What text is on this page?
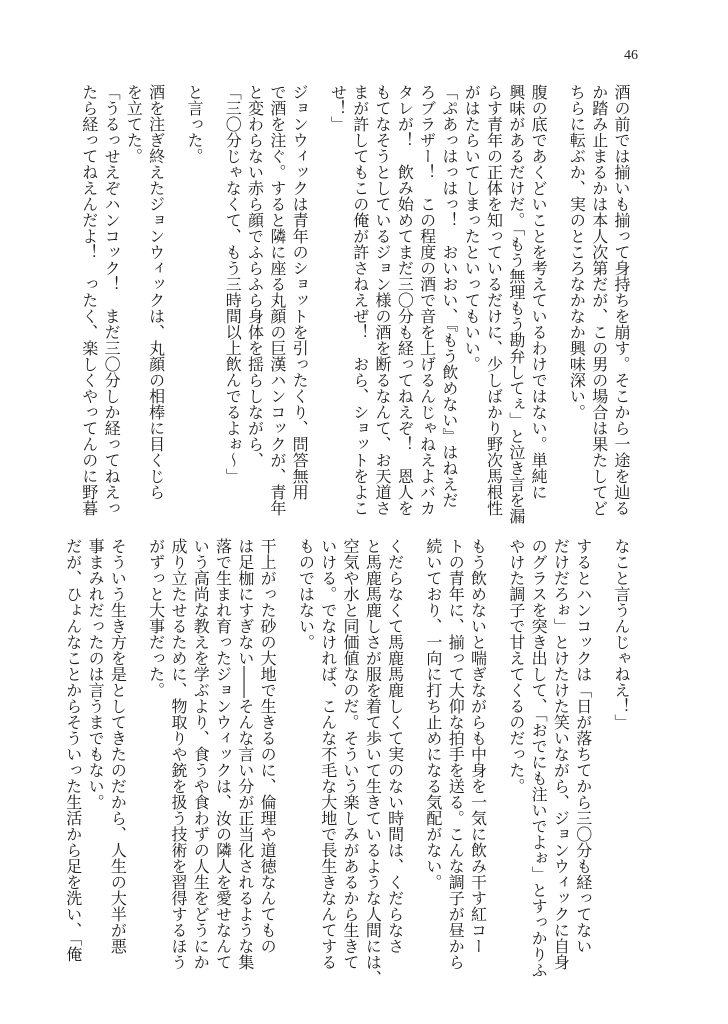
46
酒の前では揃いも揃って身持ちを崩す。そこから一途を辿る
か踏み止まるかは本人次第だが、この男の場合は果たしてど
ちらに転ぶか、実のところなかなか興味深い。
腹の底であくどいことを考えているわけではない。単純に
興味があるだけだ。「もう無理もう勘弁してぇ」と泣き言を漏
らす青年の正体を知っているだけに、少しばかり野次馬根性
がはたらいてしまったといってもいい。
「ぷあっはっはっ！　おいおい、『もう飲めない』はねえだ
ろブラザー！　この程度の酒で音を上げるんじゃねえよバカ
タレが！　飲み始めてまだ三〇分も経ってねえぞ！　恩人を
もてなそうとしているジョン様の酒を断るなんて、お天道さ
まが許してもこの俺が許さねえぜ！　おら、ショットをよこ
せ！」
ジョンウィックは青年のショットを引ったくり、問答無用
で酒を注ぐ。すると隣に座る丸顔の巨漢ハンコックが、青年
と変わらない赤ら顔でふらふら身体を揺らしながら、
「三〇分じゃなくて、もう三時間以上飲んでるよぉ～」
と言った。
酒を注ぎ終えたジョンウィックは、丸顔の相棒に目くじら
を立てた。
「うるっせえぞハンコック！　まだ三〇分しか経ってねえっ
たら経ってねえんだよ！　ったく、楽しくやってんのに野暮
なこと言うんじゃねえ！」
するとハンコックは「日が落ちてから三〇分も経ってない
だけだろぉ」とけたけた笑いながら、ジョンウィックに自身
のグラスを突き出して、「おでにも注いでよぉ」とすっかりふ
やけた調子で甘えてくるのだった。
もう飲めないと喘ぎながらも中身を一気に飲み干す紅コー
トの青年に、揃って大仰な拍手を送る。こんな調子が昼から
続いており、一向に打ち止めになる気配がない。
くだらなくて馬鹿馬鹿しくて実のない時間は、くだらなさ
と馬鹿馬鹿しさが服を着て歩いて生きているような人間には、
空気や水と同価値なのだ。そういう楽しみがあるから生きて
いける。でなければ、こんな不毛な大地で長生きなんてする
ものではない。
干上がった砂の大地で生きるのに、倫理や道徳なんてもの
は足枷にすぎない――そんな言い分が正当化されるような集
落で生まれ育ったジョンウィックは、汝の隣人を愛せなんて
いう高尚な教えを学ぶより、食うや食わずの人生をどうにか
成り立たせるために、物取りや銃を扱う技術を習得するほう
がずっと大事だった。
そういう生き方を是としてきたのだから、人生の大半が悪
事まみれだったのは言うまでもない。
だが、ひょんなことからそういった生活から足を洗い、「俺
